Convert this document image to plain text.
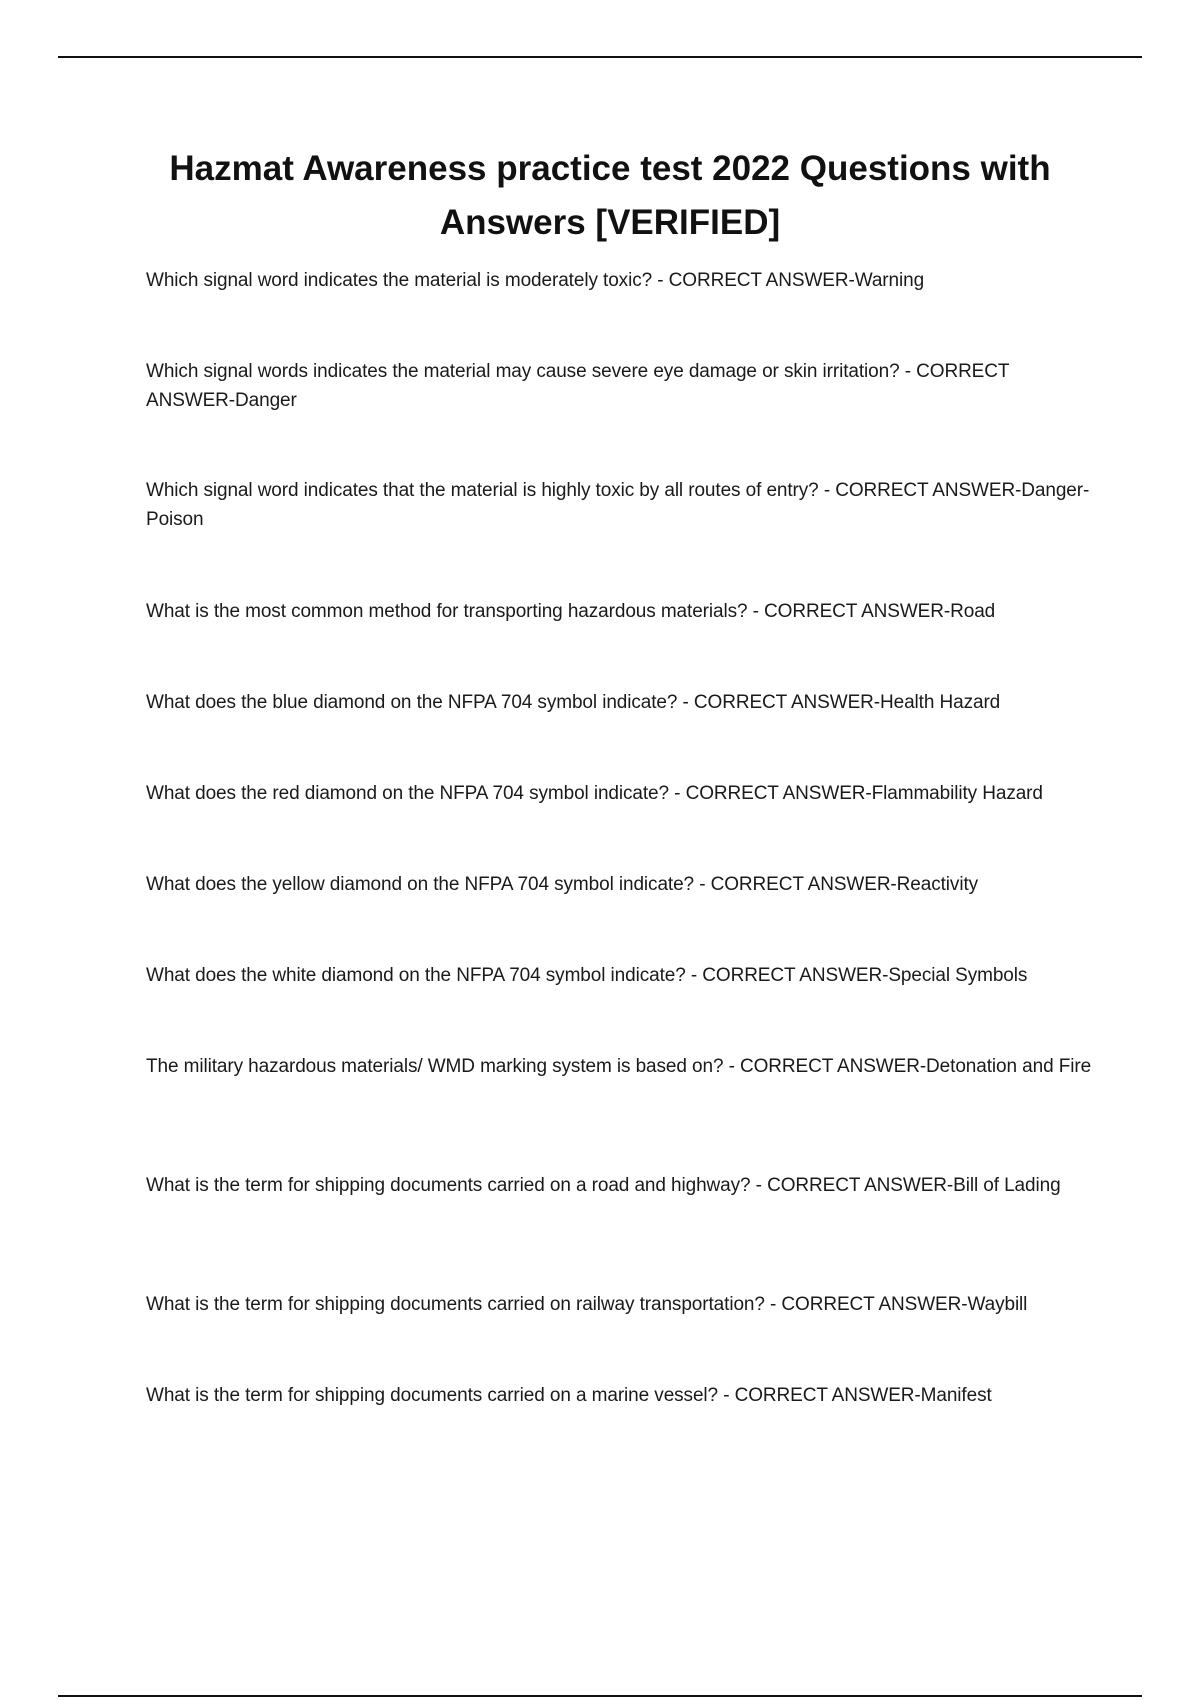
Hazmat Awareness practice test 2022 Questions with Answers [VERIFIED]

Which signal word indicates the material is moderately toxic? - CORRECT ANSWER-Warning

Which signal words indicates the material may cause severe eye damage or skin irritation? - CORRECT ANSWER-Danger

Which signal word indicates that the material is highly toxic by all routes of entry? - CORRECT ANSWER-Danger- Poison

What is the most common method for transporting hazardous materials? - CORRECT ANSWER-Road

What does the blue diamond on the NFPA 704 symbol indicate? - CORRECT ANSWER-Health Hazard

What does the red diamond on the NFPA 704 symbol indicate? - CORRECT ANSWER-Flammability Hazard

What does the yellow diamond on the NFPA 704 symbol indicate? - CORRECT ANSWER-Reactivity

What does the white diamond on the NFPA 704 symbol indicate? - CORRECT ANSWER-Special Symbols

The military hazardous materials/ WMD marking system is based on? - CORRECT ANSWER-Detonation and Fire

What is the term for shipping documents carried on a road and highway? - CORRECT ANSWER-Bill of Lading

What is the term for shipping documents carried on railway transportation? - CORRECT ANSWER-Waybill

What is the term for shipping documents carried on a marine vessel? - CORRECT ANSWER-Manifest
